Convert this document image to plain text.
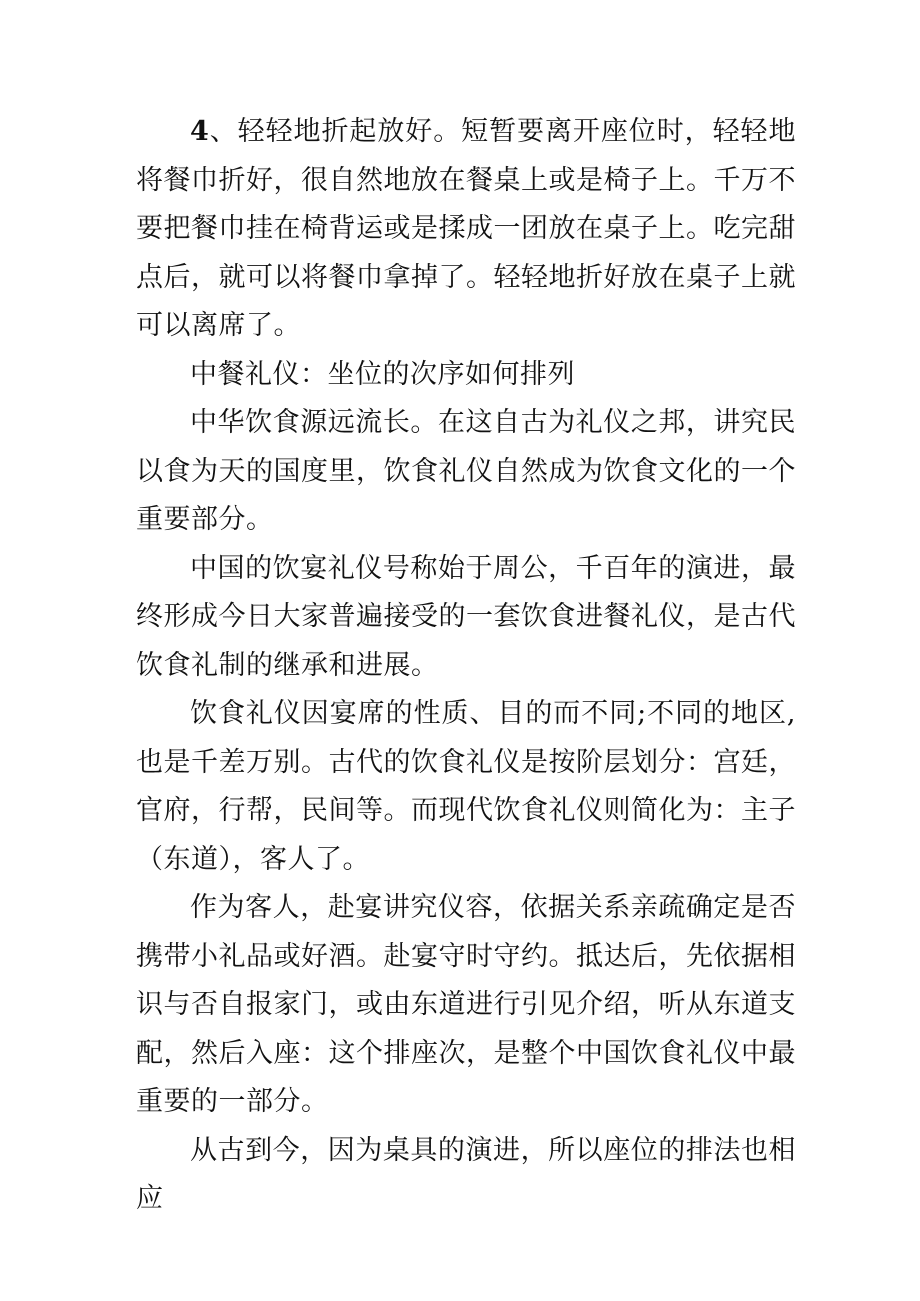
4、轻轻地折起放好。短暂要离开座位时，轻轻地将餐巾折好，很自然地放在餐桌上或是椅子上。千万不要把餐巾挂在椅背运或是揉成一团放在桌子上。吃完甜点后，就可以将餐巾拿掉了。轻轻地折好放在桌子上就可以离席了。

中餐礼仪：坐位的次序如何排列

中华饮食源远流长。在这自古为礼仪之邦，讲究民以食为天的国度里，饮食礼仪自然成为饮食文化的一个重要部分。

中国的饮宴礼仪号称始于周公，千百年的演进，最终形成今日大家普遍接受的一套饮食进餐礼仪，是古代饮食礼制的继承和进展。

饮食礼仪因宴席的性质、目的而不同;不同的地区,也是千差万别。古代的饮食礼仪是按阶层划分：宫廷，官府，行帮，民间等。而现代饮食礼仪则简化为：主子（东道），客人了。

作为客人，赴宴讲究仪容，依据关系亲疏确定是否携带小礼品或好酒。赴宴守时守约。抵达后，先依据相识与否自报家门，或由东道进行引见介绍，听从东道支配，然后入座：这个排座次，是整个中国饮食礼仪中最重要的一部分。

从古到今，因为桌具的演进，所以座位的排法也相应
